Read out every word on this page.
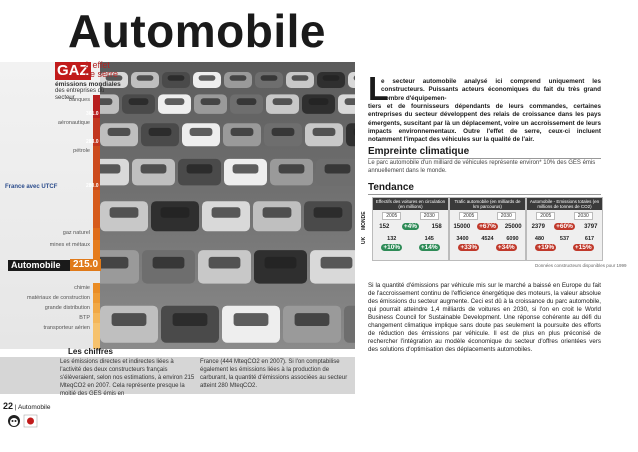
Automobile
GAZ
à effet
de serre
émissions mondiales
des entreprises du secteur
banques
361.0
aéronautique
283.0
pétrole
280.0
gaz naturel
mines et métaux
chimie
matériaux de construction
grande distribution
BTP
transporteur aérien
France avec UTCF
Automobile	215.0
L
e secteur automobile analysé ici comprend uniquement les constructeurs. Puissants acteurs économiques du fait du très grand nombre d'équipemen-
tiers et de fournisseurs dépendants de leurs commandes, certaines entreprises du secteur développent des relais de croissance dans les pays émergents, suscitant par là un déplacement, voire un accroissement de leurs impacts environnementaux. Outre l'effet de serre, ceux-ci incluent notamment l'impact des véhicules sur la qualité de l'air.
Empreinte climatique
Le parc automobile d'un milliard de véhicules représente environ* 10% des GES émis annuellement dans le monde.
Tendance
MONDE
UK
Effectifs des voitures en circulation (en millions)
2005	2030
152	+4%	158
132	145
+10%	+14%
Trafic automobile (en milliards de km parcourus)
2005	2030
15000	+67%	25000
3400 4524 6090
+33%	+34%
Automobile - Emissions totales (en millions de tonnes de CO2)
2005	2030
2379	+60%	3797
480	537	617
+19%	+15%
Données constructeurs disponibles pour 1999
Si la quantité d'émissions par véhicule mis sur le marché a baissé en Europe du fait de l'accroissement continu de l'efficience énergétique des moteurs, la valeur absolue des émissions du secteur augmente. Ceci est dû à la croissance du parc automobile, qui pourrait atteindre 1,4 milliards de voitures en 2030, si l'on en croit le World Business Council for Sustainable Development. Une réponse cohérente au défi du changement climatique implique sans doute pas seulement la poursuite des efforts de réduction des émissions par véhicule. Il est de plus en plus préconisé de rechercher l'intégration au modèle économique du secteur d'offres orientées vers des solutions d'optimisation des déplacements automobiles.
Les chiffres
Les émissions directes et indirectes liées à l'activité des deux constructeurs français s'élèveraient, selon nos estimations, à environ 215 MteqCO2 en 2007. Cela représente presque la moitié des GES émis en
France (444 MteqCO2 en 2007). Si l'on comptabilise également les émissions liées à la production de carburant, la quantité d'émissions associées au secteur atteint 280 MteqCO2.
22 | Automobile
